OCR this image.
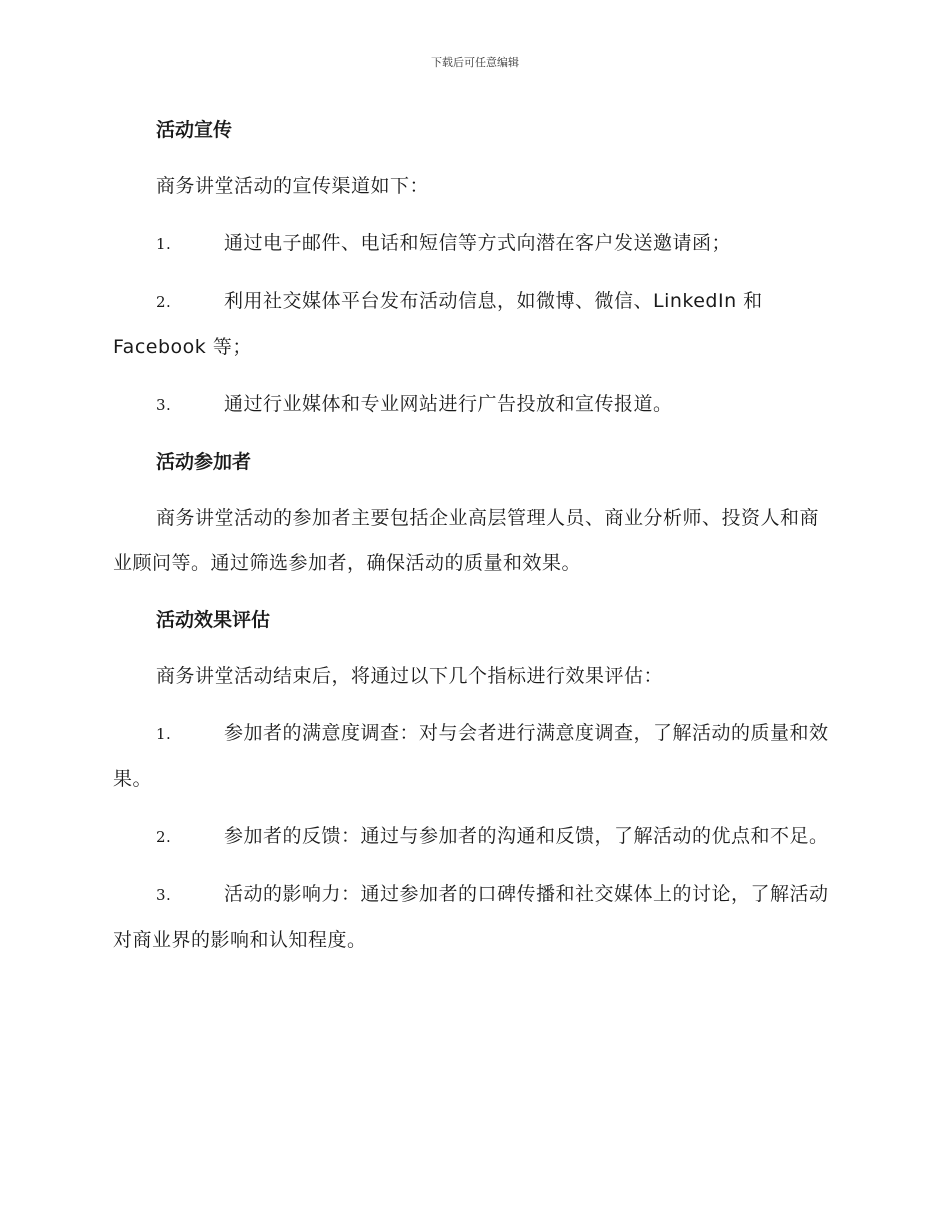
下载后可任意编辑
活动宣传

商务讲堂活动的宣传渠道如下：

1.	通过电子邮件、电话和短信等方式向潜在客户发送邀请函；

2.	利用社交媒体平台发布活动信息，如微博、微信、LinkedIn 和Facebook 等；

3.	通过行业媒体和专业网站进行广告投放和宣传报道。

活动参加者

商务讲堂活动的参加者主要包括企业高层管理人员、商业分析师、投资人和商业顾问等。通过筛选参加者，确保活动的质量和效果。

活动效果评估

商务讲堂活动结束后，将通过以下几个指标进行效果评估：

1.	参加者的满意度调查：对与会者进行满意度调查，了解活动的质量和效果。

2.	参加者的反馈：通过与参加者的沟通和反馈，了解活动的优点和不足。

3.	活动的影响力：通过参加者的口碑传播和社交媒体上的讨论，了解活动对商业界的影响和认知程度。
